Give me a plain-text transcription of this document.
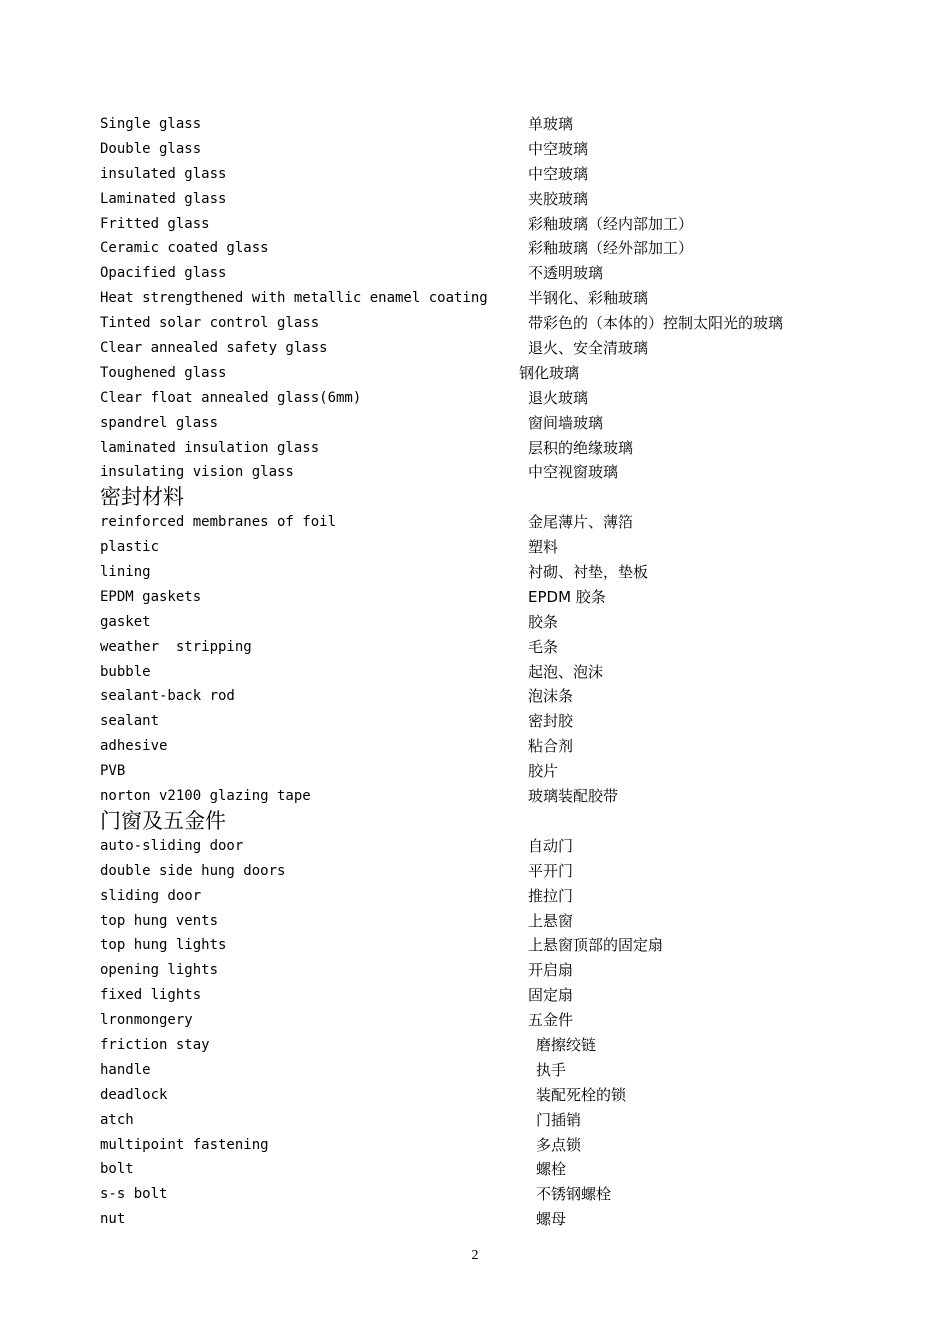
Single glass	单玻璃
Double glass	中空玻璃
insulated glass	中空玻璃
Laminated glass	夹胶玻璃
Fritted glass	彩釉玻璃（经内部加工）
Ceramic coated glass	彩釉玻璃（经外部加工）
Opacified glass	不透明玻璃
Heat strengthened with metallic enamel coating	半钢化、彩釉玻璃
Tinted solar control glass	带彩色的（本体的）控制太阳光的玻璃
Clear annealed safety glass	退火、安全清玻璃
Toughened glass	钢化玻璃
Clear float annealed glass(6mm)	退火玻璃
spandrel glass	窗间墙玻璃
laminated insulation glass	层积的绝缘玻璃
insulating vision glass	中空视窗玻璃
密封材料
reinforced membranes of foil	金尾薄片、薄箔
plastic	塑料
lining	衬砌、衬垫，垫板
EPDM gaskets	EPDM 胶条
gasket	胶条
weather  stripping	毛条
bubble	起泡、泡沫
sealant-back rod	泡沫条
sealant	密封胶
adhesive	粘合剂
PVB	胶片
norton v2100 glazing tape	玻璃装配胶带
门窗及五金件
auto-sliding door	自动门
double side hung doors	平开门
sliding door	推拉门
top hung vents	上悬窗
top hung lights	上悬窗顶部的固定扇
opening lights	开启扇
fixed lights	固定扇
lronmongery	五金件
friction stay	磨擦绞链
handle	执手
deadlock	装配死栓的锁
atch	门插销
multipoint fastening	多点锁
bolt	螺栓
s-s bolt	不锈钢螺栓
nut	螺母
2
